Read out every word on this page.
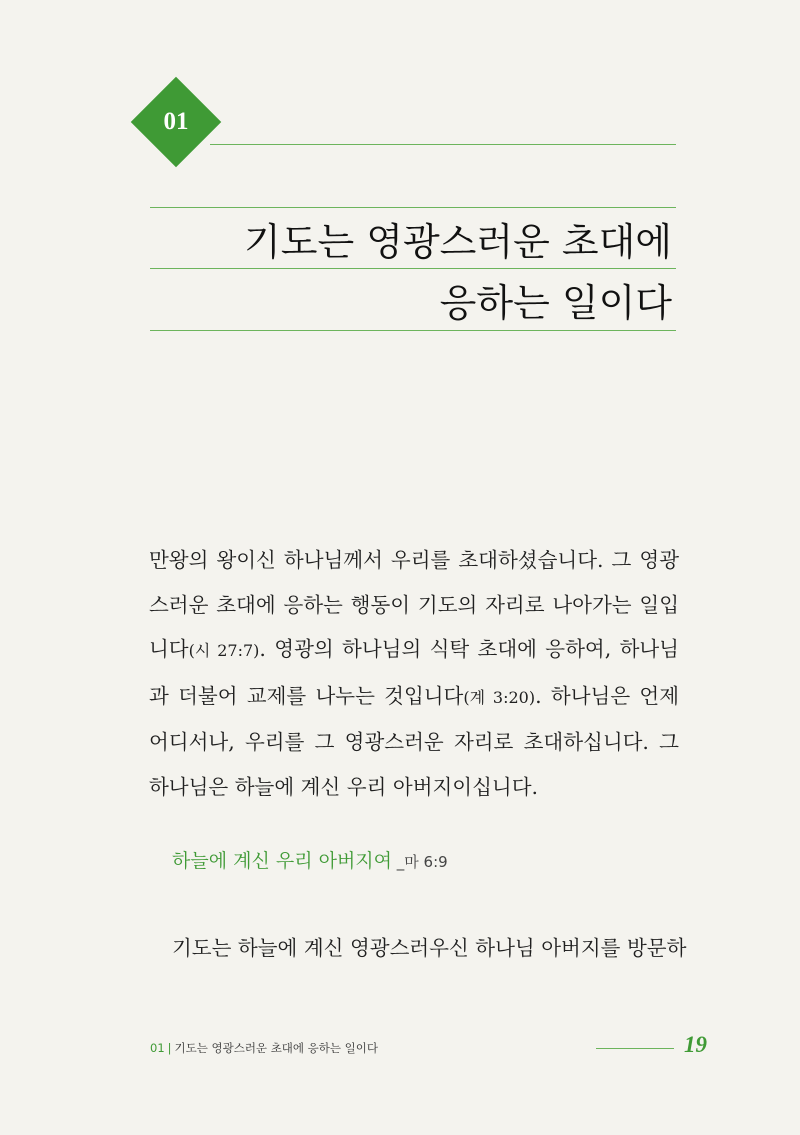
01
기도는 영광스러운 초대에
응하는 일이다
만왕의 왕이신 하나님께서 우리를 초대하셨습니다. 그 영광스러운 초대에 응하는 행동이 기도의 자리로 나아가는 일입니다(시 27:7). 영광의 하나님의 식탁 초대에 응하여, 하나님과 더불어 교제를 나누는 것입니다(계 3:20). 하나님은 언제 어디서나, 우리를 그 영광스러운 자리로 초대하십니다. 그 하나님은 하늘에 계신 우리 아버지이십니다.
하늘에 계신 우리 아버지여 _마 6:9
기도는 하늘에 계신 영광스러우신 하나님 아버지를 방문하
01 | 기도는 영광스러운 초대에 응하는 일이다	19
